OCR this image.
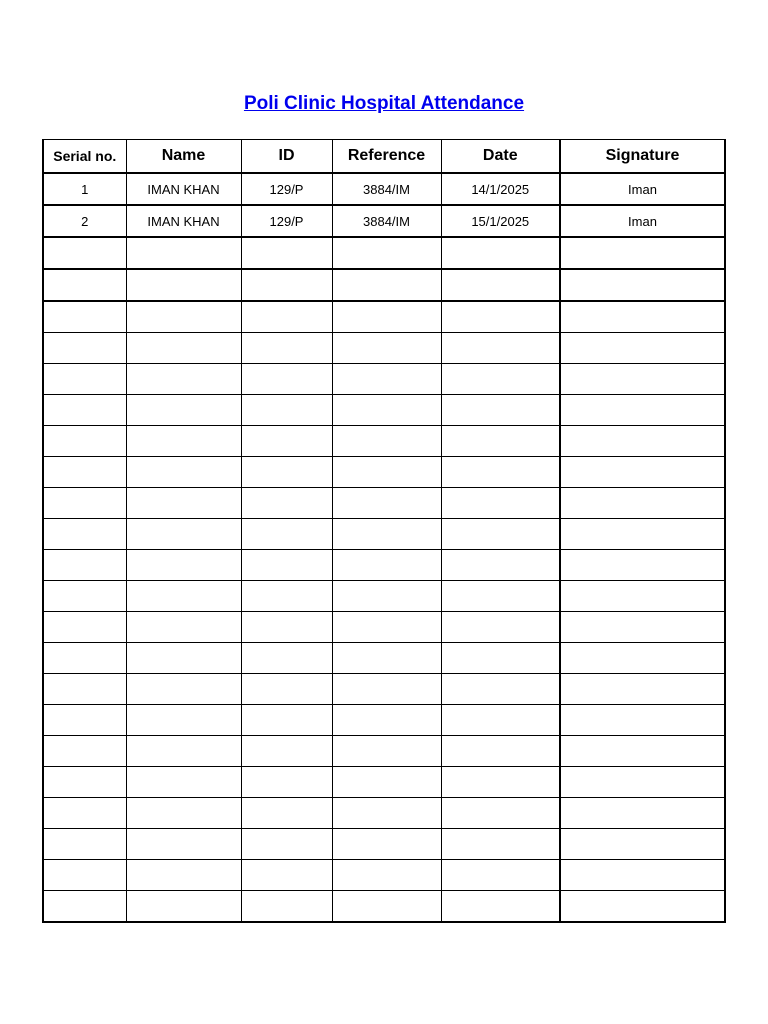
Poli Clinic Hospital Attendance
Serial no.	Name	ID	Reference	Date	Signature
1	IMAN KHAN	129/P	3884/IM	14/1/2025	Iman
2	IMAN KHAN	129/P	3884/IM	15/1/2025	Iman
